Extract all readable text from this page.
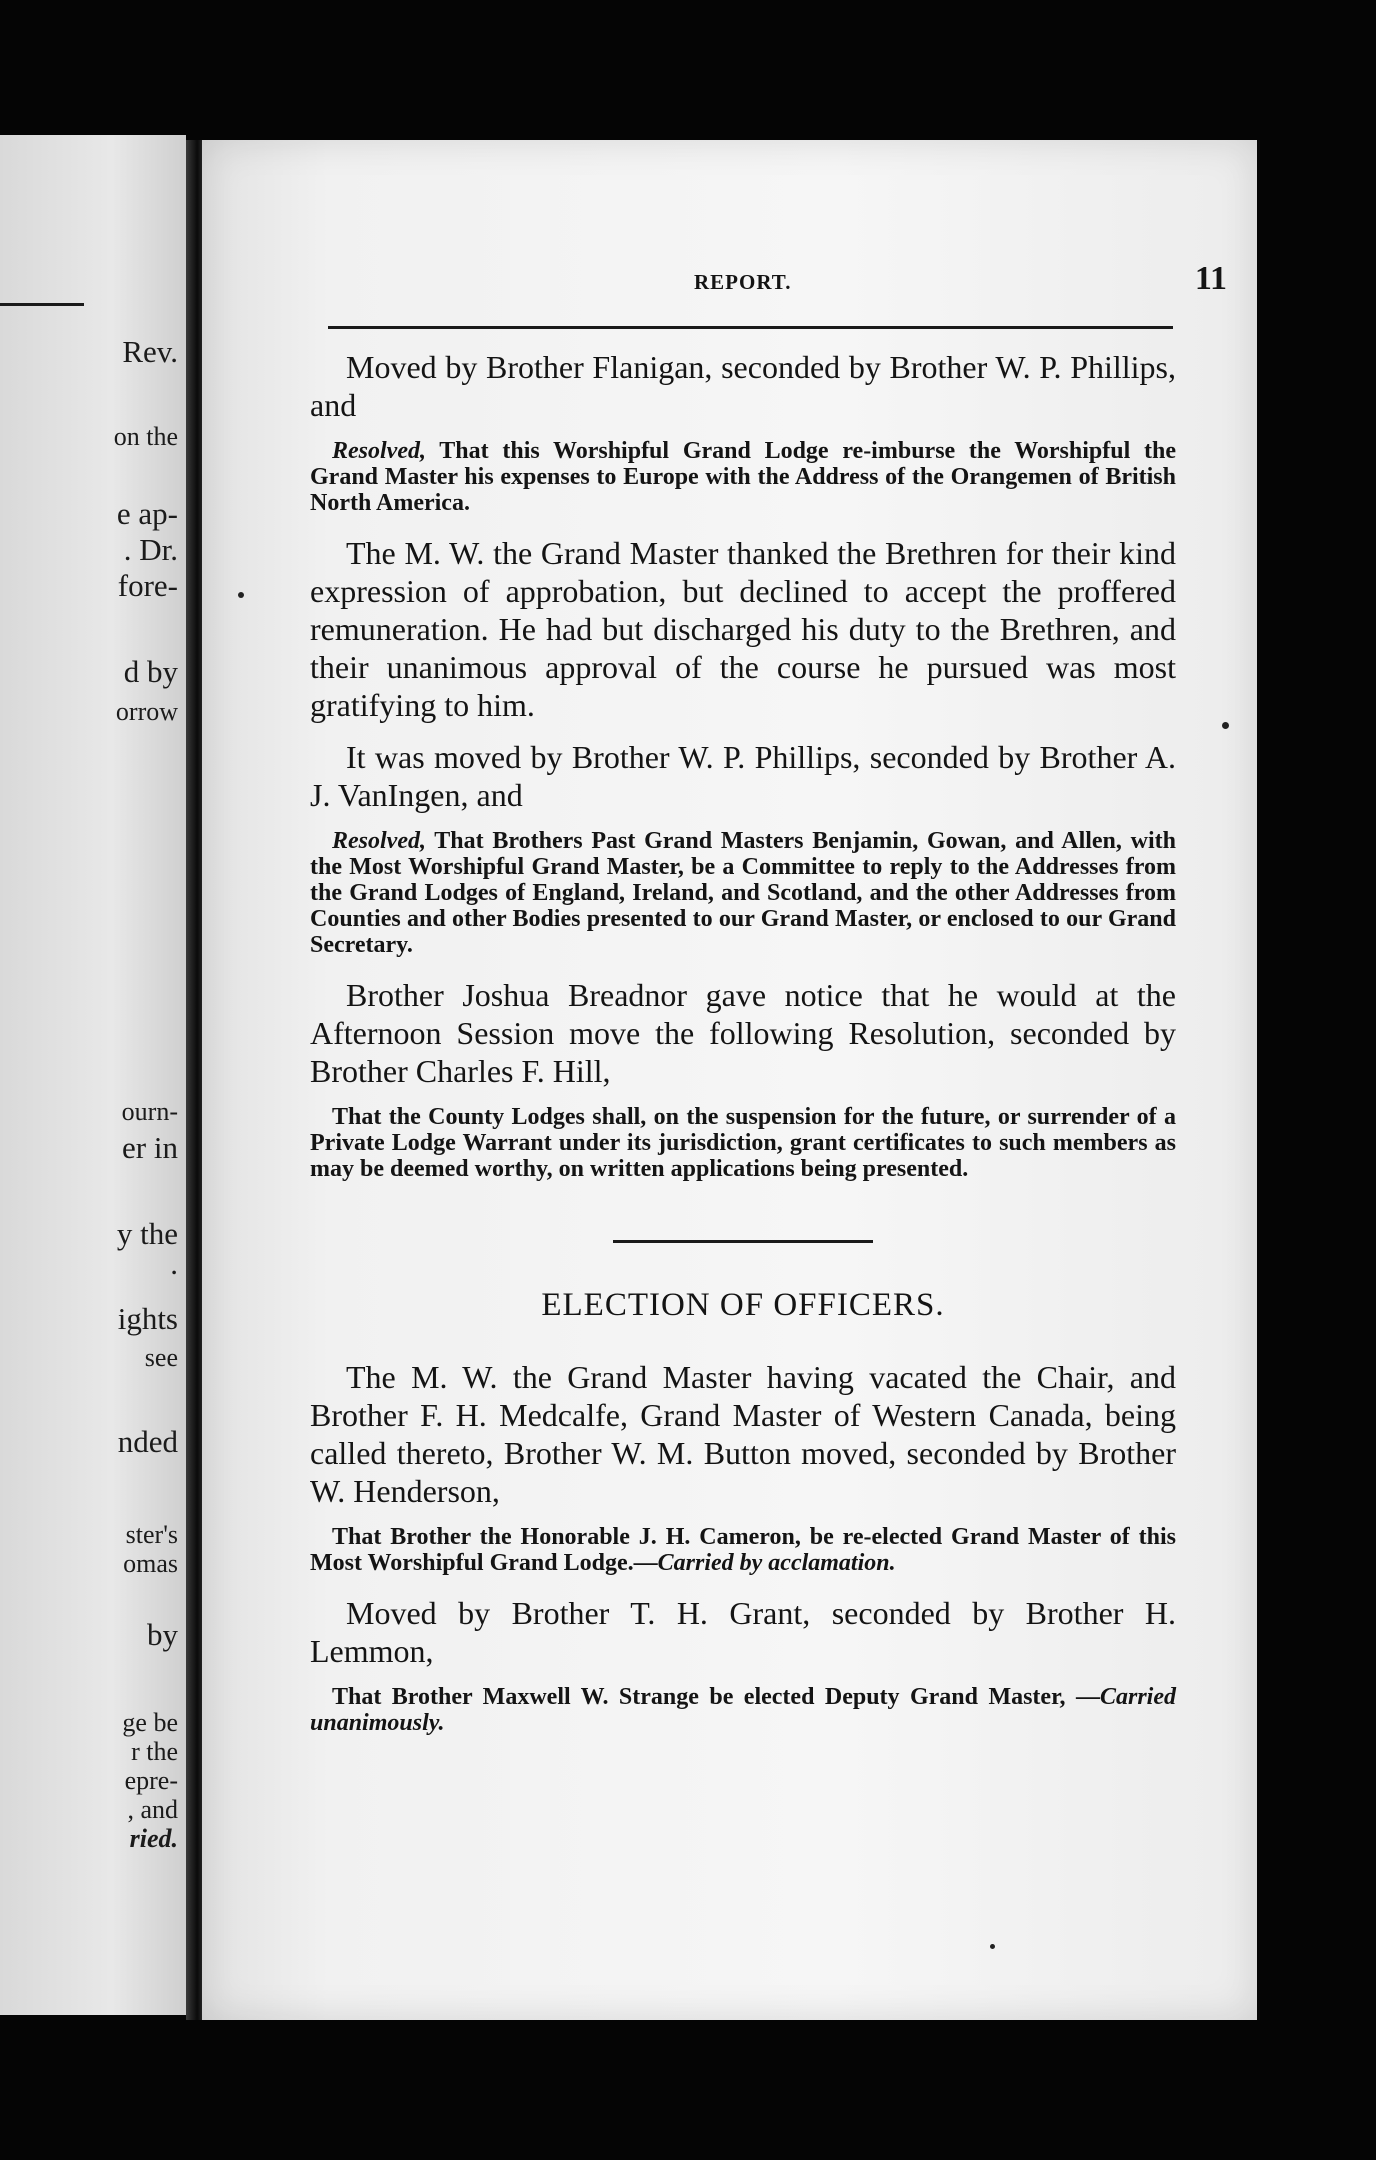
Rev.
on the
e ap-
. Dr.
fore-
d by
orrow
ourn-
er in
y the
.
ights
see
nded
ster's
omas
by
ge be
r the
epre-
, and
ried.
REPORT.	11

Moved by Brother Flanigan, seconded by Brother W. P. Phillips, and

Resolved, That this Worshipful Grand Lodge re-imburse the Worshipful the Grand Master his expenses to Europe with the Address of the Orangemen of British North America.

The M. W. the Grand Master thanked the Brethren for their kind expression of approbation, but declined to accept the proffered remuneration. He had but discharged his duty to the Brethren, and their unanimous approval of the course he pursued was most gratifying to him.

It was moved by Brother W. P. Phillips, seconded by Brother A. J. VanIngen, and

Resolved, That Brothers Past Grand Masters Benjamin, Gowan, and Allen, with the Most Worshipful Grand Master, be a Committee to reply to the Addresses from the Grand Lodges of England, Ireland, and Scotland, and the other Addresses from Counties and other Bodies presented to our Grand Master, or enclosed to our Grand Secretary.

Brother Joshua Breadnor gave notice that he would at the Afternoon Session move the following Resolution, seconded by Brother Charles F. Hill,

That the County Lodges shall, on the suspension for the future, or surrender of a Private Lodge Warrant under its jurisdiction, grant certificates to such members as may be deemed worthy, on written applications being presented.

ELECTION OF OFFICERS.

The M. W. the Grand Master having vacated the Chair, and Brother F. H. Medcalfe, Grand Master of Western Canada, being called thereto, Brother W. M. Button moved, seconded by Brother W. Henderson,

That Brother the Honorable J. H. Cameron, be re-elected Grand Master of this Most Worshipful Grand Lodge.—Carried by acclamation.

Moved by Brother T. H. Grant, seconded by Brother H. Lemmon,

That Brother Maxwell W. Strange be elected Deputy Grand Master, —Carried unanimously.
